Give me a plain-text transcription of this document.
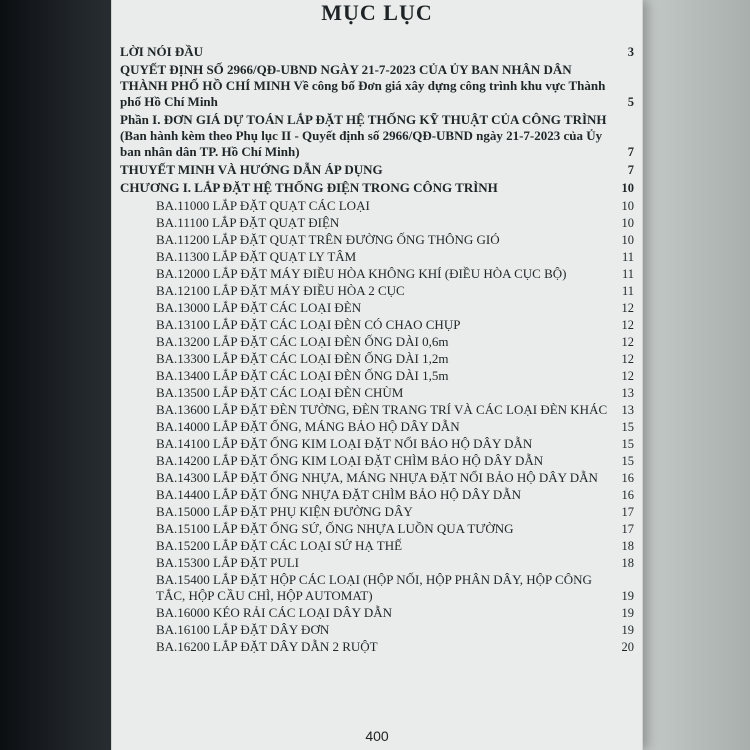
MỤC LỤC
LỜI NÓI ĐẦU	3
QUYẾT ĐỊNH SỐ 2966/QĐ-UBND NGÀY 21-7-2023 CỦA ỦY BAN NHÂN DÂN THÀNH PHỐ HỒ CHÍ MINH Về công bố Đơn giá xây dựng công trình khu vực Thành phố Hồ Chí Minh	5
Phần I. ĐƠN GIÁ DỰ TOÁN LẮP ĐẶT HỆ THỐNG KỸ THUẬT CỦA CÔNG TRÌNH (Ban hành kèm theo Phụ lục II - Quyết định số 2966/QĐ-UBND ngày 21-7-2023 của Ủy ban nhân dân TP. Hồ Chí Minh)	7
THUYẾT MINH VÀ HƯỚNG DẪN ÁP DỤNG	7
CHƯƠNG I. LẮP ĐẶT HỆ THỐNG ĐIỆN TRONG CÔNG TRÌNH	10
BA.11000 LẮP ĐẶT QUẠT CÁC LOẠI	10
BA.11100 LẮP ĐẶT QUẠT ĐIỆN	10
BA.11200 LẮP ĐẶT QUẠT TRÊN ĐƯỜNG ỐNG THÔNG GIÓ	10
BA.11300 LẮP ĐẶT QUẠT LY TÂM	11
BA.12000 LẮP ĐẶT MÁY ĐIỀU HÒA KHÔNG KHÍ (ĐIỀU HÒA CỤC BỘ)	11
BA.12100 LẮP ĐẶT MÁY ĐIỀU HÒA 2 CỤC	11
BA.13000 LẮP ĐẶT CÁC LOẠI ĐÈN	12
BA.13100 LẮP ĐẶT CÁC LOẠI ĐÈN CÓ CHAO CHỤP	12
BA.13200 LẮP ĐẶT CÁC LOẠI ĐÈN ỐNG DÀI 0,6m	12
BA.13300 LẮP ĐẶT CÁC LOẠI ĐÈN ỐNG DÀI 1,2m	12
BA.13400 LẮP ĐẶT CÁC LOẠI ĐÈN ỐNG DÀI 1,5m	12
BA.13500 LẮP ĐẶT CÁC LOẠI ĐÈN CHÙM	13
BA.13600 LẮP ĐẶT ĐÈN TƯỜNG, ĐÈN TRANG TRÍ VÀ CÁC LOẠI ĐÈN KHÁC	13
BA.14000 LẮP ĐẶT ỐNG, MÁNG BẢO HỘ DÂY DẪN	15
BA.14100 LẮP ĐẶT ỐNG KIM LOẠI ĐẶT NỔI BẢO HỘ DÂY DẪN	15
BA.14200 LẮP ĐẶT ỐNG KIM LOẠI ĐẶT CHÌM BẢO HỘ DÂY DẪN	15
BA.14300 LẮP ĐẶT ỐNG NHỰA, MÁNG NHỰA ĐẶT NỔI BẢO HỘ DÂY DẪN	16
BA.14400 LẮP ĐẶT ỐNG NHỰA ĐẶT CHÌM BẢO HỘ DÂY DẪN	16
BA.15000 LẮP ĐẶT PHỤ KIỆN ĐƯỜNG DÂY	17
BA.15100 LẮP ĐẶT ỐNG SỨ, ỐNG NHỰA LUỒN QUA TƯỜNG	17
BA.15200 LẮP ĐẶT CÁC LOẠI SỨ HẠ THẾ	18
BA.15300 LẮP ĐẶT PULI	18
BA.15400 LẮP ĐẶT HỘP CÁC LOẠI (HỘP NỐI, HỘP PHÂN DÂY, HỘP CÔNG TẮC, HỘP CẦU CHÌ, HỘP AUTOMAT)	19
BA.16000 KÉO RẢI CÁC LOẠI DÂY DẪN	19
BA.16100 LẮP ĐẶT DÂY ĐƠN	19
BA.16200 LẮP ĐẶT DÂY DẪN 2 RUỘT	20
400
